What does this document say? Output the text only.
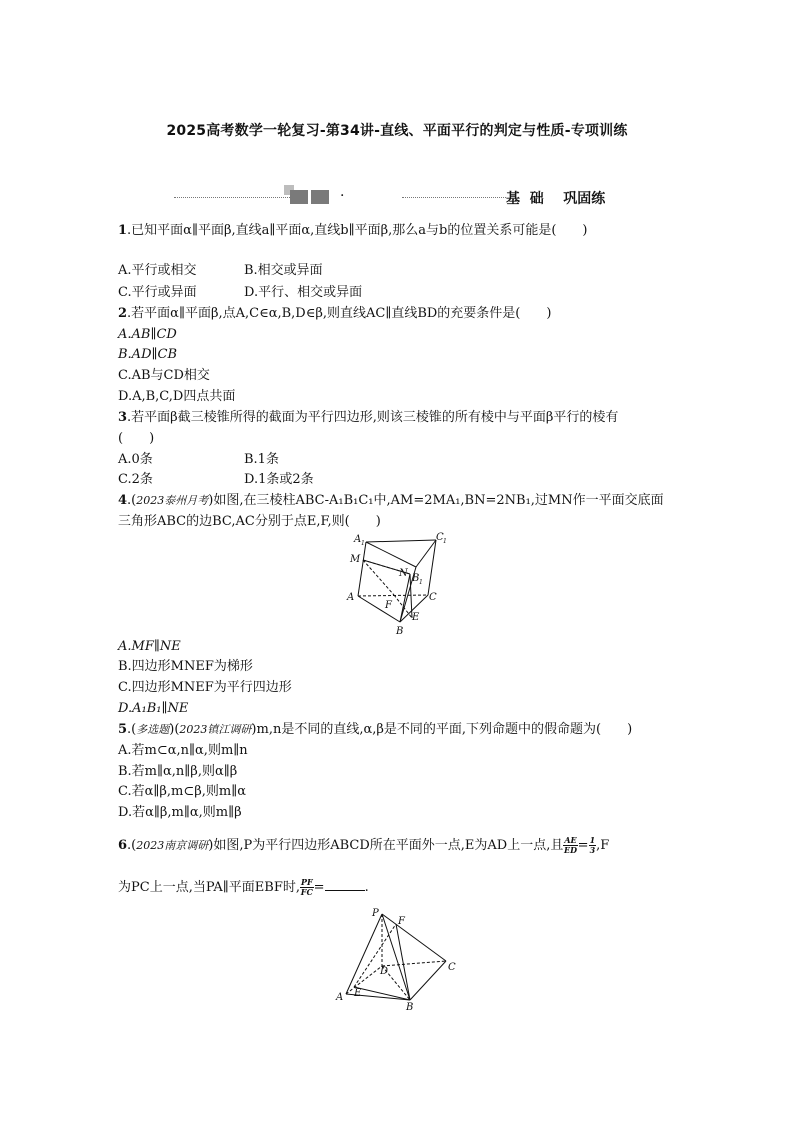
2025高考数学一轮复习-第34讲-直线、平面平行的判定与性质-专项训练
·	基  础    巩固练
1.已知平面α∥平面β,直线a∥平面α,直线b∥平面β,那么a与b的位置关系可能是(　　)
A.平行或相交	B.相交或异面
C.平行或异面	D.平行、相交或异面
2.若平面α∥平面β,点A,C∈α,B,D∈β,则直线AC∥直线BD的充要条件是(　　)
A.AB∥CD
B.AD∥CB
C.AB与CD相交
D.A,B,C,D四点共面
3.若平面β截三棱锥所得的截面为平行四边形,则该三棱锥的所有棱中与平面β平行的棱有
(　　)
A.0条	B.1条
C.2条	D.1条或2条
4.(2023泰州月考)如图,在三棱柱ABC-A₁B₁C₁中,AM=2MA₁,BN=2NB₁,过MN作一平面交底面
三角形ABC的边BC,AC分别于点E,F,则(　　)
A 1
C 1
B 1
M
N
A	C
F
E
B
A.MF∥NE
B.四边形MNEF为梯形
C.四边形MNEF为平行四边形
D.A₁B₁∥NE
5.(多选题)(2023镇江调研)m,n是不同的直线,α,β是不同的平面,下列命题中的假命题为(　　)
A.若m⊂α,n∥α,则m∥n
B.若m∥α,n∥β,则α∥β
C.若α∥β,m⊂β,则m∥α
D.若α∥β,m∥α,则m∥β
6.(2023南京调研)如图,P为平行四边形ABCD所在平面外一点,E为AD上一点,且 $\frac{AE}{ED} = \frac{1}{3} ,F$
为PC上一点,当PA∥平面EBF时, $\frac{PF}{FC}$ =	.
P
F
D	C
A E
B
